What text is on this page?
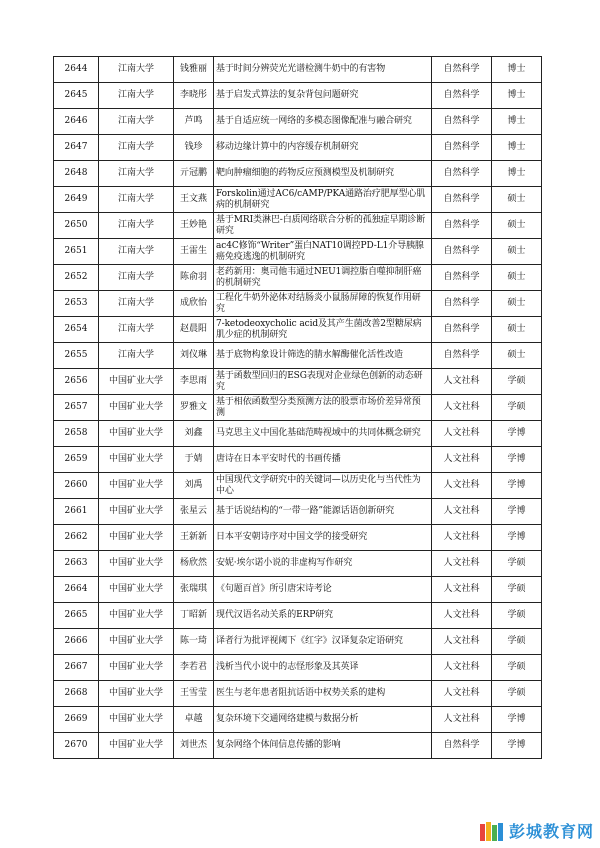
2644	江南大学	钱雅丽	基于时间分辨荧光光谱检测牛奶中的有害物	自然科学	博士
2645	江南大学	李晓彤	基于启发式算法的复杂背包问题研究	自然科学	博士
2646	江南大学	芦鸣	基于自适应统一网络的多模态图像配准与融合研究	自然科学	博士
2647	江南大学	钱珍	移动边缘计算中的内容缓存机制研究	自然科学	博士
2648	江南大学	亓冠鹏	靶向肿瘤细胞的药物反应预测模型及机制研究	自然科学	博士
2649	江南大学	王文燕	Forskolin通过AC6/cAMP/PKA通路治疗肥厚型心肌病的机制研究	自然科学	硕士
2650	江南大学	王妙艳	基于MRI类淋巴-白质网络联合分析的孤独症早期诊断研究	自然科学	硕士
2651	江南大学	王雷生	ac4C修饰“Writer”蛋白NAT10调控PD-L1介导胰腺癌免疫逃逸的机制研究	自然科学	硕士
2652	江南大学	陈俞羽	老药新用：奥司他韦通过NEU1调控脂自噬抑制肝癌的机制研究	自然科学	硕士
2653	江南大学	成欣怡	工程化牛奶外泌体对结肠炎小鼠肠屏障的恢复作用研究	自然科学	硕士
2654	江南大学	赵晨阳	7-ketodeoxycholic acid及其产生菌改善2型糖尿病肌少症的机制研究	自然科学	硕士
2655	江南大学	刘仪琳	基于底物构象设计筛选的腈水解酶催化活性改造	自然科学	硕士
2656	中国矿业大学	李思雨	基于函数型回归的ESG表现对企业绿色创新的动态研究	人文社科	学硕
2657	中国矿业大学	罗雅文	基于相依函数型分类预测方法的股票市场价差异常预测	人文社科	学硕
2658	中国矿业大学	刘鑫	马克思主义中国化基础范畴视域中的共同体概念研究	人文社科	学博
2659	中国矿业大学	于婧	唐诗在日本平安时代的书画传播	人文社科	学博
2660	中国矿业大学	刘禹	中国现代文学研究中的关键词—以历史化与当代性为中心	人文社科	学博
2661	中国矿业大学	张星云	基于话说结构的“一带一路”能源话语创新研究	人文社科	学博
2662	中国矿业大学	王新新	日本平安朝诗序对中国文学的接受研究	人文社科	学博
2663	中国矿业大学	杨欣然	安妮·埃尔诺小说的非虚构写作研究	人文社科	学硕
2664	中国矿业大学	张瑞琪	《句题百首》所引唐宋诗考论	人文社科	学硕
2665	中国矿业大学	丁昭新	现代汉语名动关系的ERP研究	人文社科	学硕
2666	中国矿业大学	陈一琦	译者行为批评视阈下《红字》汉译复杂定语研究	人文社科	学硕
2667	中国矿业大学	李若君	浅析当代小说中的志怪形象及其英译	人文社科	学硕
2668	中国矿业大学	王雪莹	医生与老年患者阻抗话语中权势关系的建构	人文社科	学硕
2669	中国矿业大学	卓越	复杂环境下交通网络建模与数据分析	人文社科	学博
2670	中国矿业大学	刘世杰	复杂网络个体间信息传播的影响	自然科学	学博
彭城教育网
